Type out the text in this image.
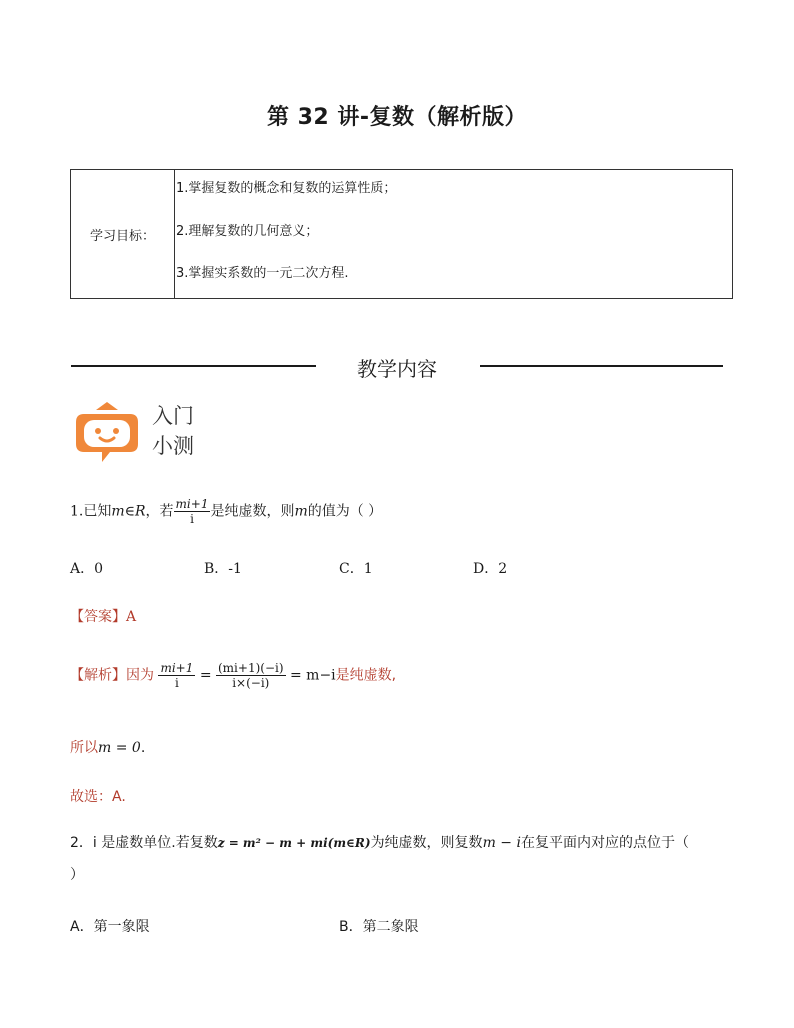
第 32 讲-复数（解析版）
学习目标：
1.掌握复数的概念和复数的运算性质；
2.理解复数的几何意义；
3.掌握实系数的一元二次方程.
教学内容
入门
小测
1.已知m∈R，若 $\frac{mi+1}{i}$ 是纯虚数，则m的值为（ ）
A．0	B．-1	C．1	D．2
【答案】A
【解析】因为 $\frac{mi+1}{i} = \frac{(mi+1)(-i)}{i\times(-i)} = m-i$是纯虚数,
所以m = 0.
故选：A.
2．i 是虚数单位.若复数z = m² − m + mi(m∈R)为纯虚数，则复数m − i在复平面内对应的点位于（
）
A．第一象限	B．第二象限
